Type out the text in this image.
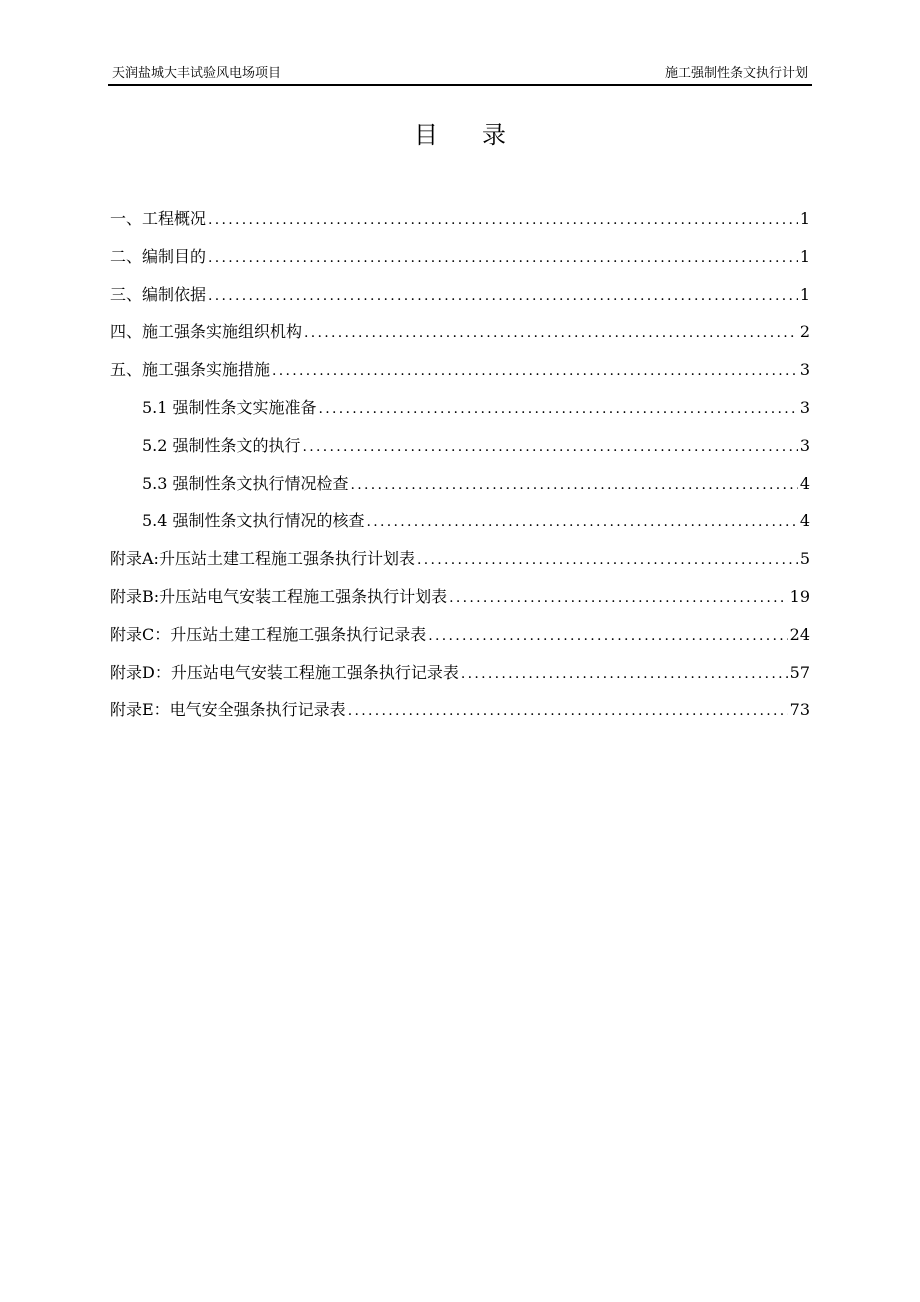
天润盐城大丰试验风电场项目	施工强制性条文执行计划
目录
一、工程概况 .....	1
二、编制目的 .....	1
三、编制依据 .....	1
四、施工强条实施组织机构 .....	2
五、施工强条实施措施 .....	3
5.1 强制性条文实施准备 .....	3
5.2 强制性条文的执行 .....	3
5.3 强制性条文执行情况检查 .....	4
5.4 强制性条文执行情况的核查 .....	4
附录A:升压站土建工程施工强条执行计划表 .....	5
附录B:升压站电气安装工程施工强条执行计划表 .....	19
附录C：升压站土建工程施工强条执行记录表 .....	24
附录D：升压站电气安装工程施工强条执行记录表 .....	57
附录E：电气安全强条执行记录表 .....	73
